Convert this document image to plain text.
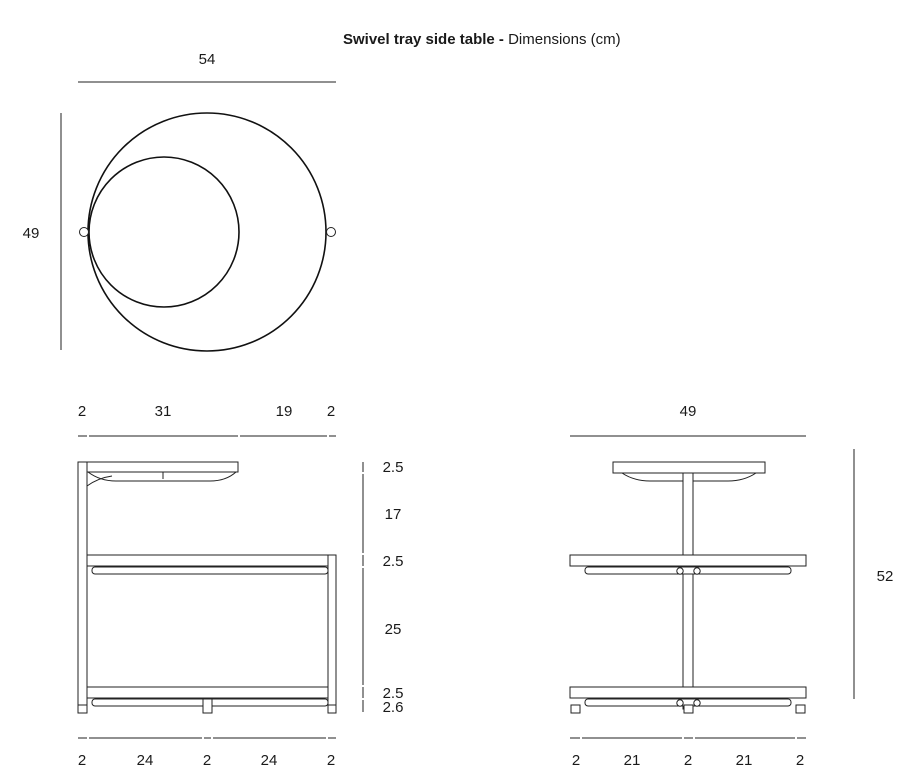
Swivel tray side table - Dimensions (cm)
54
49
2	31	19 2
2.5
17
2.5
25
2.5
2.6
2	24	2	24	2
49
52
2	21	2	21	2
